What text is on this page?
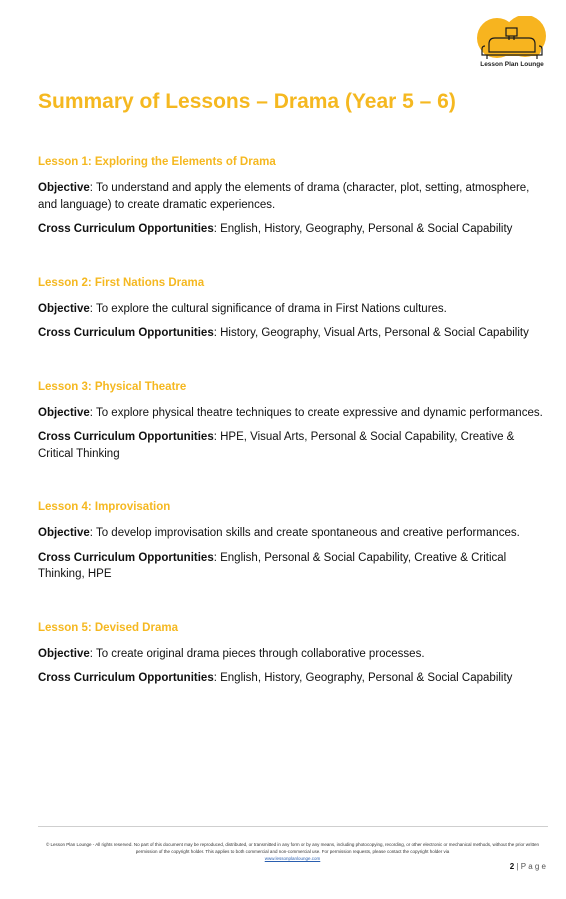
Lesson Plan Lounge
Summary of Lessons – Drama (Year 5 – 6)
Lesson 1: Exploring the Elements of Drama

Objective: To understand and apply the elements of drama (character, plot, setting, atmosphere, and language) to create dramatic experiences.

Cross Curriculum Opportunities: English, History, Geography, Personal & Social Capability

Lesson 2: First Nations Drama

Objective: To explore the cultural significance of drama in First Nations cultures.

Cross Curriculum Opportunities: History, Geography, Visual Arts, Personal & Social Capability

Lesson 3: Physical Theatre

Objective: To explore physical theatre techniques to create expressive and dynamic performances.

Cross Curriculum Opportunities: HPE, Visual Arts, Personal & Social Capability, Creative & Critical Thinking

Lesson 4: Improvisation

Objective: To develop improvisation skills and create spontaneous and creative performances.

Cross Curriculum Opportunities: English, Personal & Social Capability, Creative & Critical Thinking, HPE

Lesson 5: Devised Drama

Objective: To create original drama pieces through collaborative processes.

Cross Curriculum Opportunities: English, History, Geography, Personal & Social Capability

© Lesson Plan Lounge - All rights reserved. No part of this document may be reproduced, distributed, or transmitted in any form or by any means, including photocopying, recording, or other electronic or mechanical methods, without the prior written permission of the copyright holder. This applies to both commercial and non-commercial use. For permission requests, please contact the copyright holder via
www.lessonplanlounge.com
2 | P a g e
